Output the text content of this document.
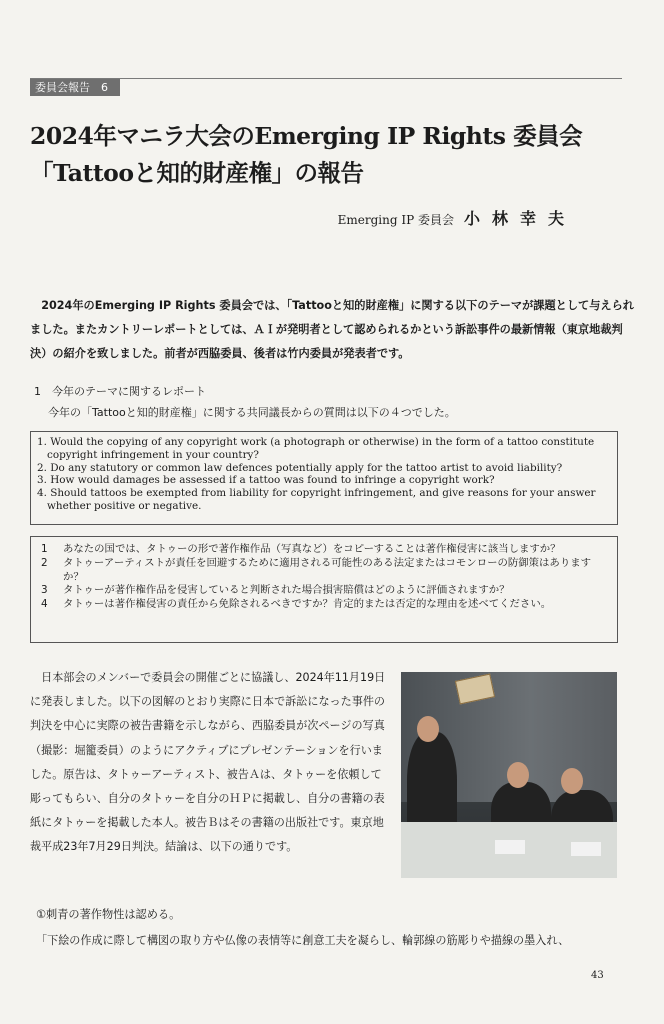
委員会報告　6
2024年マニラ大会のEmerging IP Rights 委員会
「Tattooと知的財産権」の報告
Emerging IP 委員会 小林幸夫
2024年のEmerging IP Rights 委員会では、「Tattooと知的財産権」に関する以下のテーマが課題として与えられました。またカントリーレポートとしては、ＡＩが発明者として認められるかという訴訟事件の最新情報（東京地裁判決）の紹介を致しました。前者が西脇委員、後者は竹内委員が発表者です。
1　今年のテーマに関するレポート
今年の「Tattooと知的財産権」に関する共同議長からの質問は以下の４つでした。
1. Would the copying of any copyright work (a photograph or otherwise) in the form of a tattoo constitute copyright infringement in your country?
2. Do any statutory or common law defences potentially apply for the tattoo artist to avoid liability?
3. How would damages be assessed if a tattoo was found to infringe a copyright work?
4. Should tattoos be exempted from liability for copyright infringement, and give reasons for your answer whether positive or negative.
1	あなたの国では、タトゥーの形で著作権作品（写真など）をコピーすることは著作権侵害に該当しますか？
2	タトゥーアーティストが責任を回避するために適用される可能性のある法定またはコモンローの防御策はありますか？
3	タトゥーが著作権作品を侵害していると判断された場合損害賠償はどのように評価されますか？
4	タトゥーは著作権侵害の責任から免除されるべきですか？肯定的または否定的な理由を述べてください。
日本部会のメンバーで委員会の開催ごとに協議し、2024年11月19日に発表しました。以下の図解のとおり実際に日本で訴訟になった事件の判決を中心に実際の被告書籍を示しながら、西脇委員が次ページの写真（撮影：堀籠委員）のようにアクティブにプレゼンテーションを行いました。原告は、タトゥーアーティスト、被告Ａは、タトゥーを依頼して彫ってもらい、自分のタトゥーを自分のＨＰに掲載し、自分の書籍の表紙にタトゥーを掲載した本人。被告Ｂはその書籍の出版社です。東京地裁平成23年7月29日判決。結論は、以下の通りです。
①刺青の著作物性は認める。
「下絵の作成に際して構図の取り方や仏像の表情等に創意工夫を凝らし、輪郭線の筋彫りや描線の墨入れ、
43
